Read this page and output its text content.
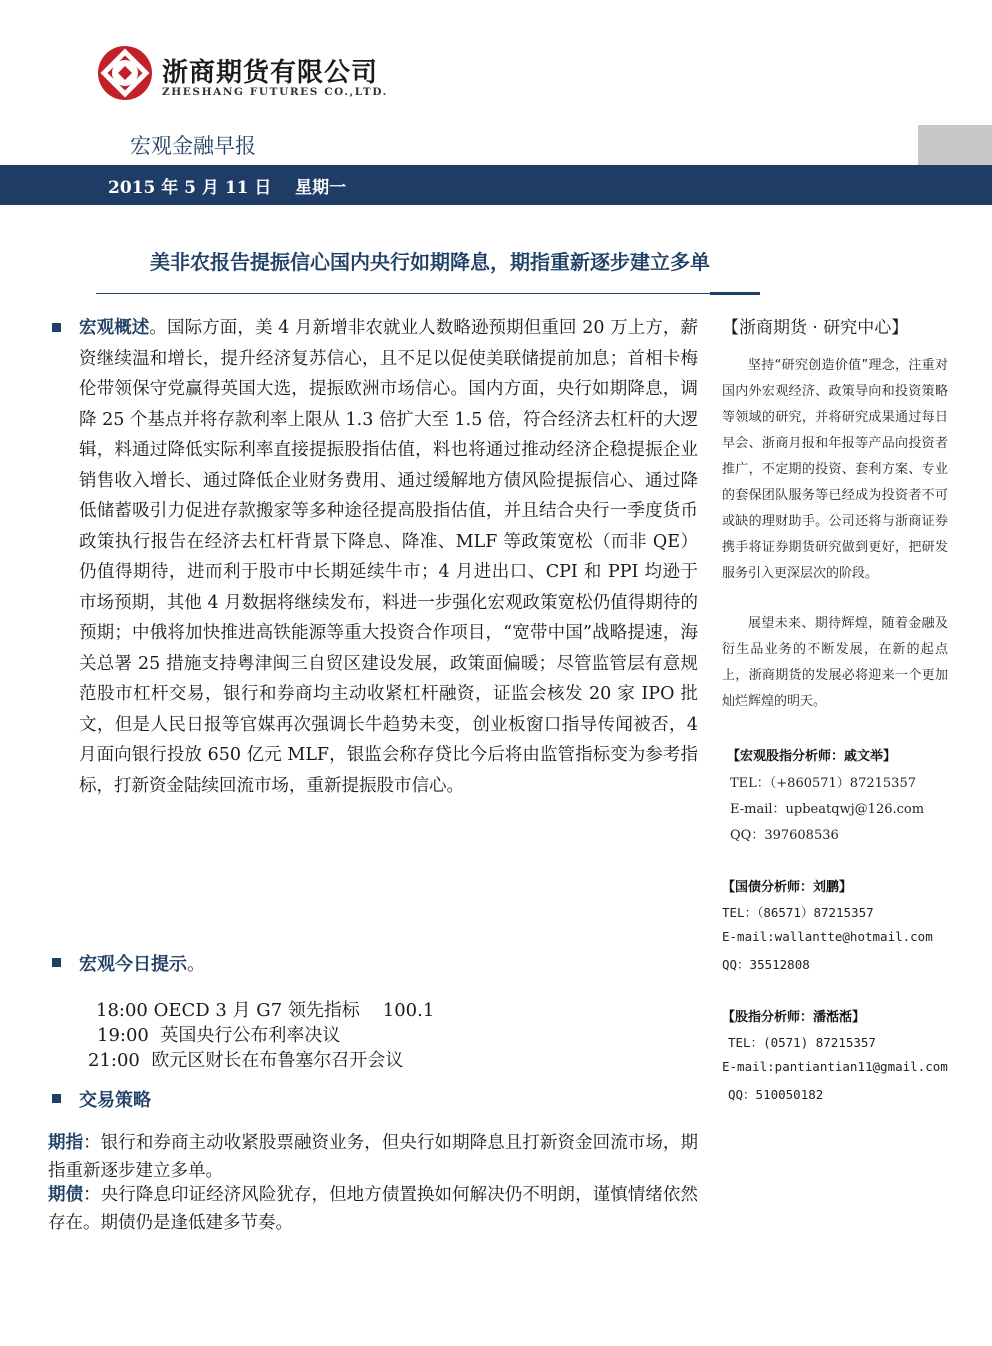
浙商期货有限公司
ZHESHANG FUTURES CO.,LTD.
宏观金融早报
2015 年 5 月 11 日    星期一
美非农报告提振信心国内央行如期降息，期指重新逐步建立多单
宏观概述。国际方面，美 4 月新增非农就业人数略逊预期但重回 20 万上方，薪资继续温和增长，提升经济复苏信心，且不足以促使美联储提前加息；首相卡梅伦带领保守党赢得英国大选，提振欧洲市场信心。国内方面，央行如期降息，调降 25 个基点并将存款利率上限从 1.3 倍扩大至 1.5 倍，符合经济去杠杆的大逻辑，料通过降低实际利率直接提振股指估值，料也将通过推动经济企稳提振企业销售收入增长、通过降低企业财务费用、通过缓解地方债风险提振信心、通过降低储蓄吸引力促进存款搬家等多种途径提高股指估值，并且结合央行一季度货币政策执行报告在经济去杠杆背景下降息、降准、MLF 等政策宽松（而非 QE）仍值得期待，进而利于股市中长期延续牛市；4 月进出口、CPI 和 PPI 均逊于市场预期，其他 4 月数据将继续发布，料进一步强化宏观政策宽松仍值得期待的预期；中俄将加快推进高铁能源等重大投资合作项目，“宽带中国”战略提速，海关总署 25 措施支持粤津闽三自贸区建设发展，政策面偏暖；尽管监管层有意规范股市杠杆交易，银行和券商均主动收紧杠杆融资，证监会核发 20 家 IPO 批文，但是人民日报等官媒再次强调长牛趋势未变，创业板窗口指导传闻被否，4 月面向银行投放 650 亿元 MLF，银监会称存贷比今后将由监管指标变为参考指标，打新资金陆续回流市场，重新提振股市信心。
宏观今日提示。
18:00 OECD 3 月 G7 领先指标    100.1
19:00  英国央行公布利率决议
21:00  欧元区财长在布鲁塞尔召开会议
交易策略
期指：银行和券商主动收紧股票融资业务，但央行如期降息且打新资金回流市场，期指重新逐步建立多单。
期债：央行降息印证经济风险犹存，但地方债置换如何解决仍不明朗，谨慎情绪依然存在。期债仍是逢低建多节奏。
【浙商期货 · 研究中心】
坚持“研究创造价值”理念，注重对国内外宏观经济、政策导向和投资策略等领域的研究，并将研究成果通过每日早会、浙商月报和年报等产品向投资者推广，不定期的投资、套利方案、专业的套保团队服务等已经成为投资者不可或缺的理财助手。公司还将与浙商证券携手将证券期货研究做到更好，把研发服务引入更深层次的阶段。
展望未来、期待辉煌，随着金融及衍生品业务的不断发展，在新的起点上，浙商期货的发展必将迎来一个更加灿烂辉煌的明天。
【宏观股指分析师：戚文举】
TEL：（+860571）87215357
E-mail：upbeatqwj@126.com
QQ：397608536
【国债分析师：刘鹏】
TEL：（86571）87215357
E-mail:wallantte@hotmail.com
QQ：35512808
【股指分析师：潘湉湉】
TEL：(0571) 87215357
E-mail:pantiantian11@gmail.com
QQ：510050182
